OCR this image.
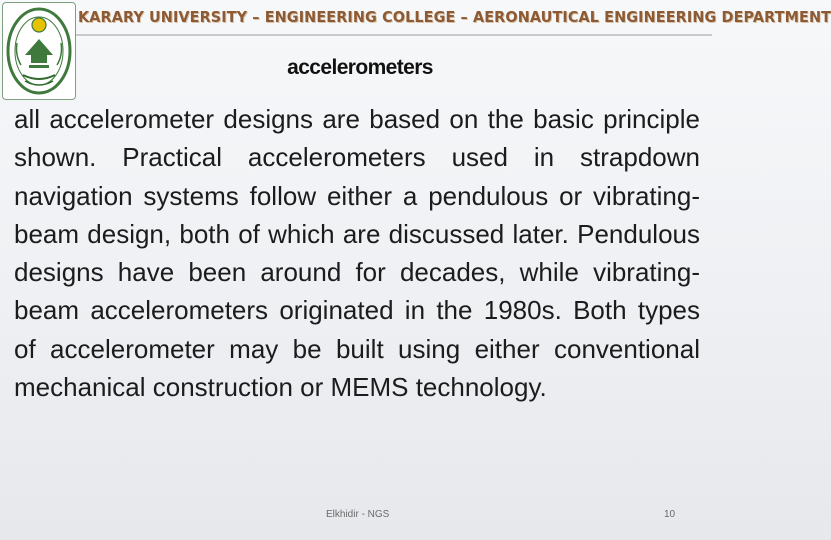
KARARY UNIVERSITY – ENGINEERING COLLEGE – AERONAUTICAL ENGINEERING DEPARTMENT
accelerometers
all accelerometer designs are based on the basic principle shown. Practical accelerometers used in strapdown navigation systems follow either a pendulous or vibrating-beam design, both of which are discussed later. Pendulous designs have been around for decades, while vibrating-beam accelerometers originated in the 1980s. Both types of accelerometer may be built using either conventional mechanical construction or MEMS technology.
Elkhidir - NGS	10
